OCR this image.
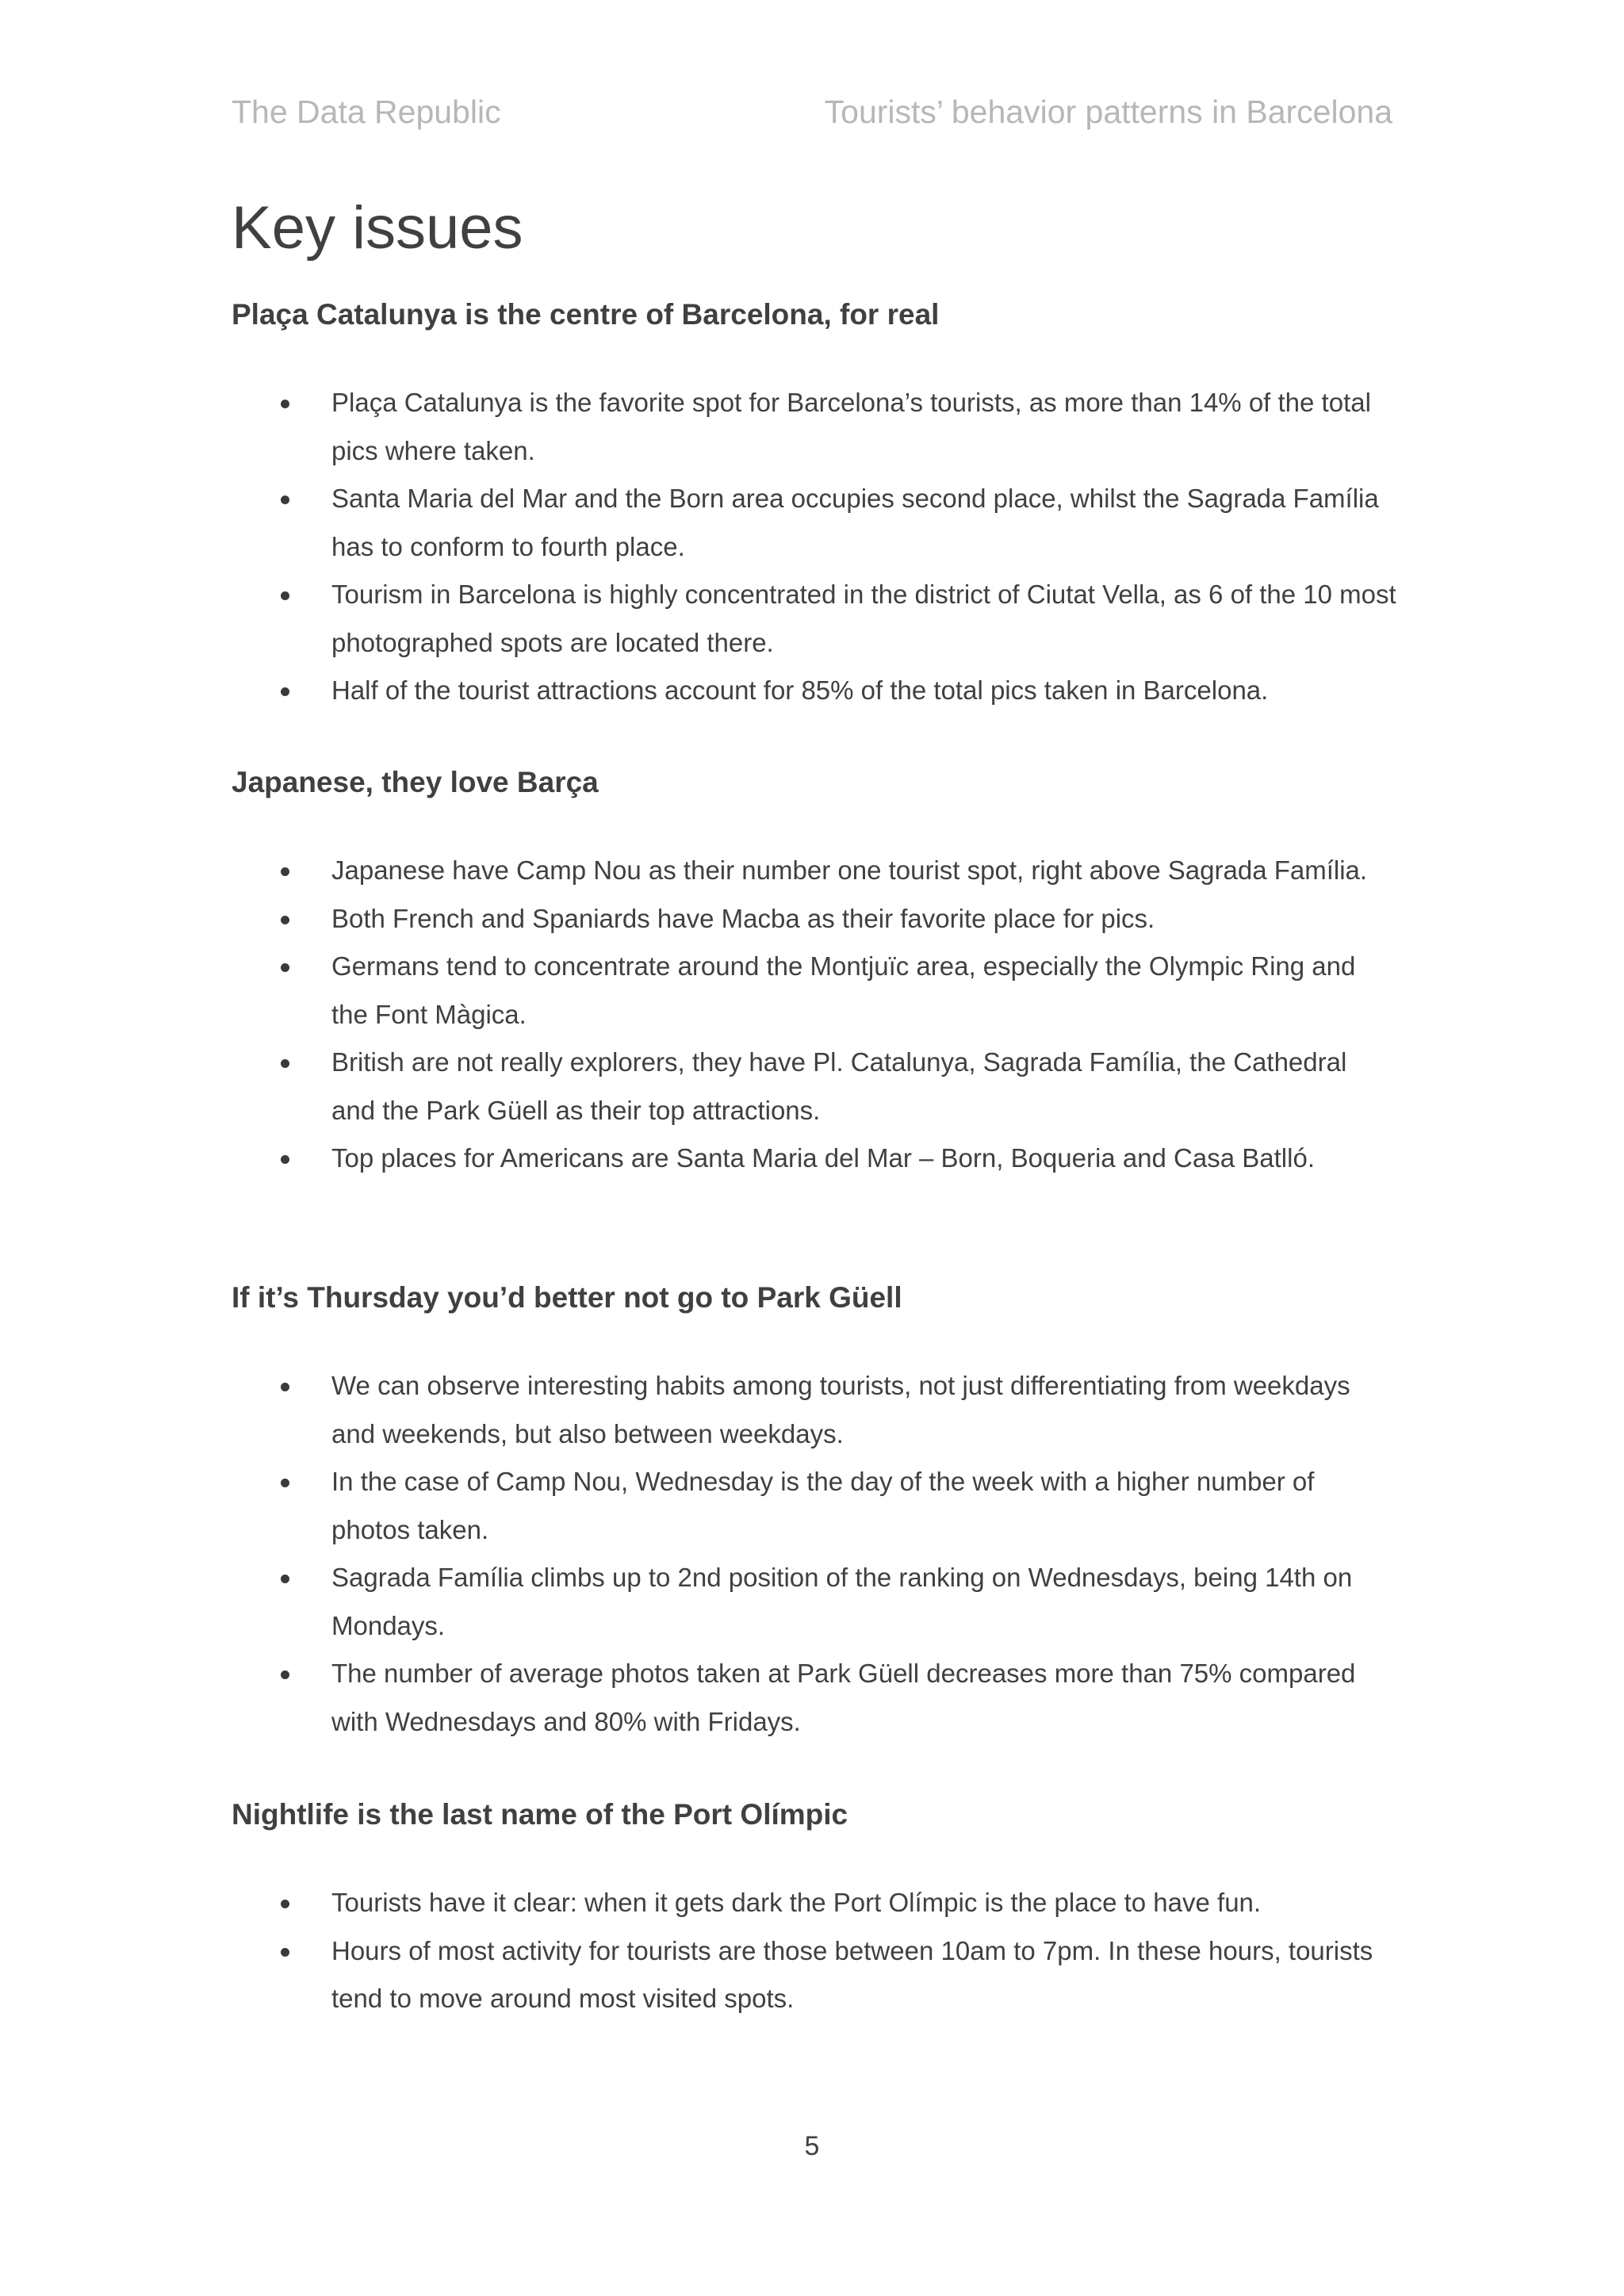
The Data Republic	Tourists’ behavior patterns in Barcelona
Key issues
Plaça Catalunya is the centre of Barcelona, for real
Plaça Catalunya is the favorite spot for Barcelona’s tourists, as more than 14% of the total pics where taken.
Santa Maria del Mar and the Born area occupies second place, whilst the Sagrada Família has to conform to fourth place.
Tourism in Barcelona is highly concentrated in the district of Ciutat Vella, as 6 of the 10 most photographed spots are located there.
Half of the tourist attractions account for 85% of the total pics taken in Barcelona.
Japanese, they love Barça
Japanese have Camp Nou as their number one tourist spot, right above Sagrada Família.
Both French and Spaniards have Macba as their favorite place for pics.
Germans tend to concentrate around the Montjuïc area, especially the Olympic Ring and the Font Màgica.
British are not really explorers, they have Pl. Catalunya, Sagrada Família, the Cathedral and the Park Güell as their top attractions.
Top places for Americans are Santa Maria del Mar – Born, Boqueria and Casa Batlló.
If it’s Thursday you’d better not go to Park Güell
We can observe interesting habits among tourists, not just differentiating from weekdays and weekends, but also between weekdays.
In the case of Camp Nou, Wednesday is the day of the week with a higher number of photos taken.
Sagrada Família climbs up to 2nd position of the ranking on Wednesdays, being 14th on Mondays.
The number of average photos taken at Park Güell decreases more than 75% compared with Wednesdays and 80% with Fridays.
Nightlife is the last name of the Port Olímpic
Tourists have it clear: when it gets dark the Port Olímpic is the place to have fun.
Hours of most activity for tourists are those between 10am to 7pm. In these hours, tourists tend to move around most visited spots.
5
